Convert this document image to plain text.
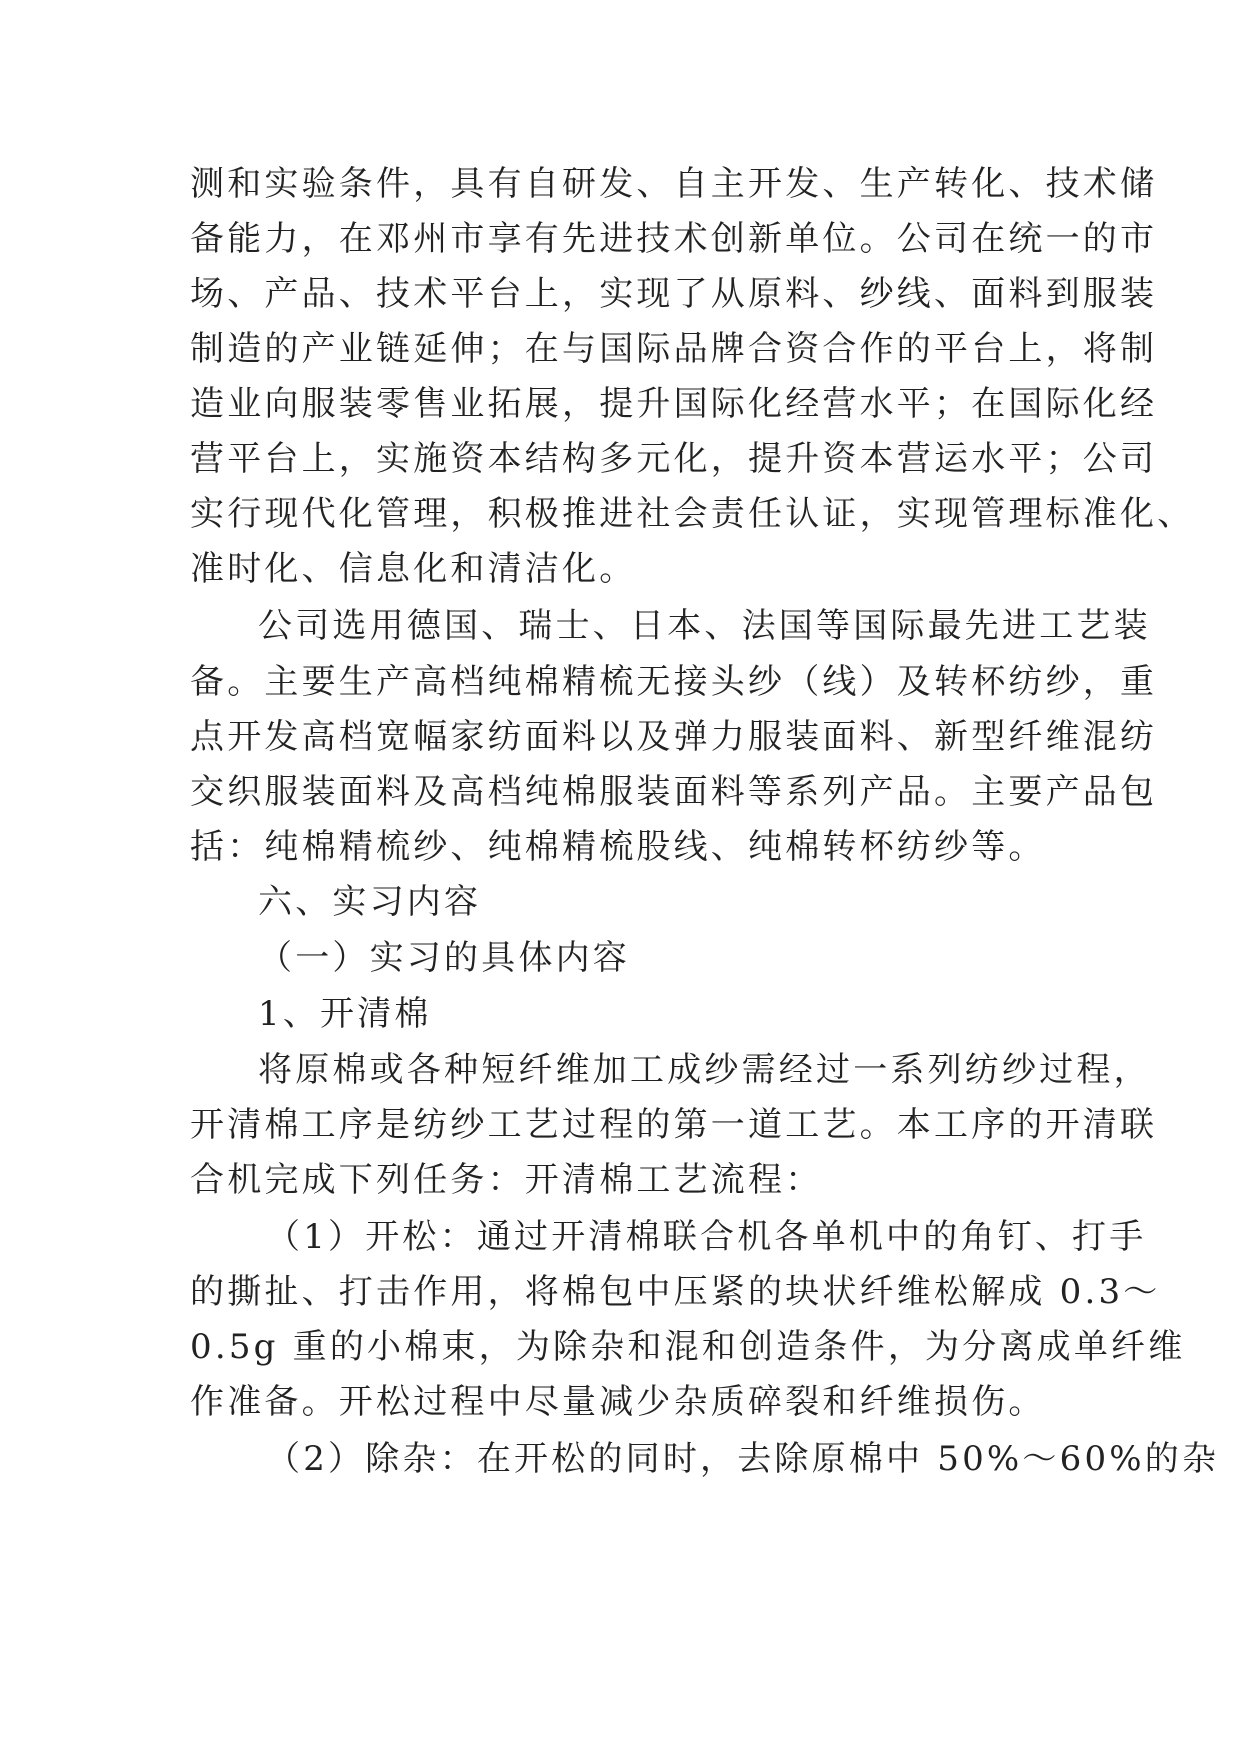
测和实验条件，具有自研发、自主开发、生产转化、技术储
备能力，在邓州市享有先进技术创新单位。公司在统一的市
场、产品、技术平台上，实现了从原料、纱线、面料到服装
制造的产业链延伸；在与国际品牌合资合作的平台上，将制
造业向服装零售业拓展，提升国际化经营水平；在国际化经
营平台上，实施资本结构多元化，提升资本营运水平；公司
实行现代化管理，积极推进社会责任认证，实现管理标准化、
准时化、信息化和清洁化。
公司选用德国、瑞士、日本、法国等国际最先进工艺装
备。主要生产高档纯棉精梳无接头纱（线）及转杯纺纱，重
点开发高档宽幅家纺面料以及弹力服装面料、新型纤维混纺
交织服装面料及高档纯棉服装面料等系列产品。主要产品包
括：纯棉精梳纱、纯棉精梳股线、纯棉转杯纺纱等。
六、实习内容
（一）实习的具体内容
1、开清棉
将原棉或各种短纤维加工成纱需经过一系列纺纱过程，
开清棉工序是纺纱工艺过程的第一道工艺。本工序的开清联
合机完成下列任务：开清棉工艺流程：
（1）开松：通过开清棉联合机各单机中的角钉、打手
的撕扯、打击作用，将棉包中压紧的块状纤维松解成 0.3～
0.5g 重的小棉束，为除杂和混和创造条件，为分离成单纤维
作准备。开松过程中尽量减少杂质碎裂和纤维损伤。
（2）除杂：在开松的同时，去除原棉中 50%～60%的杂
